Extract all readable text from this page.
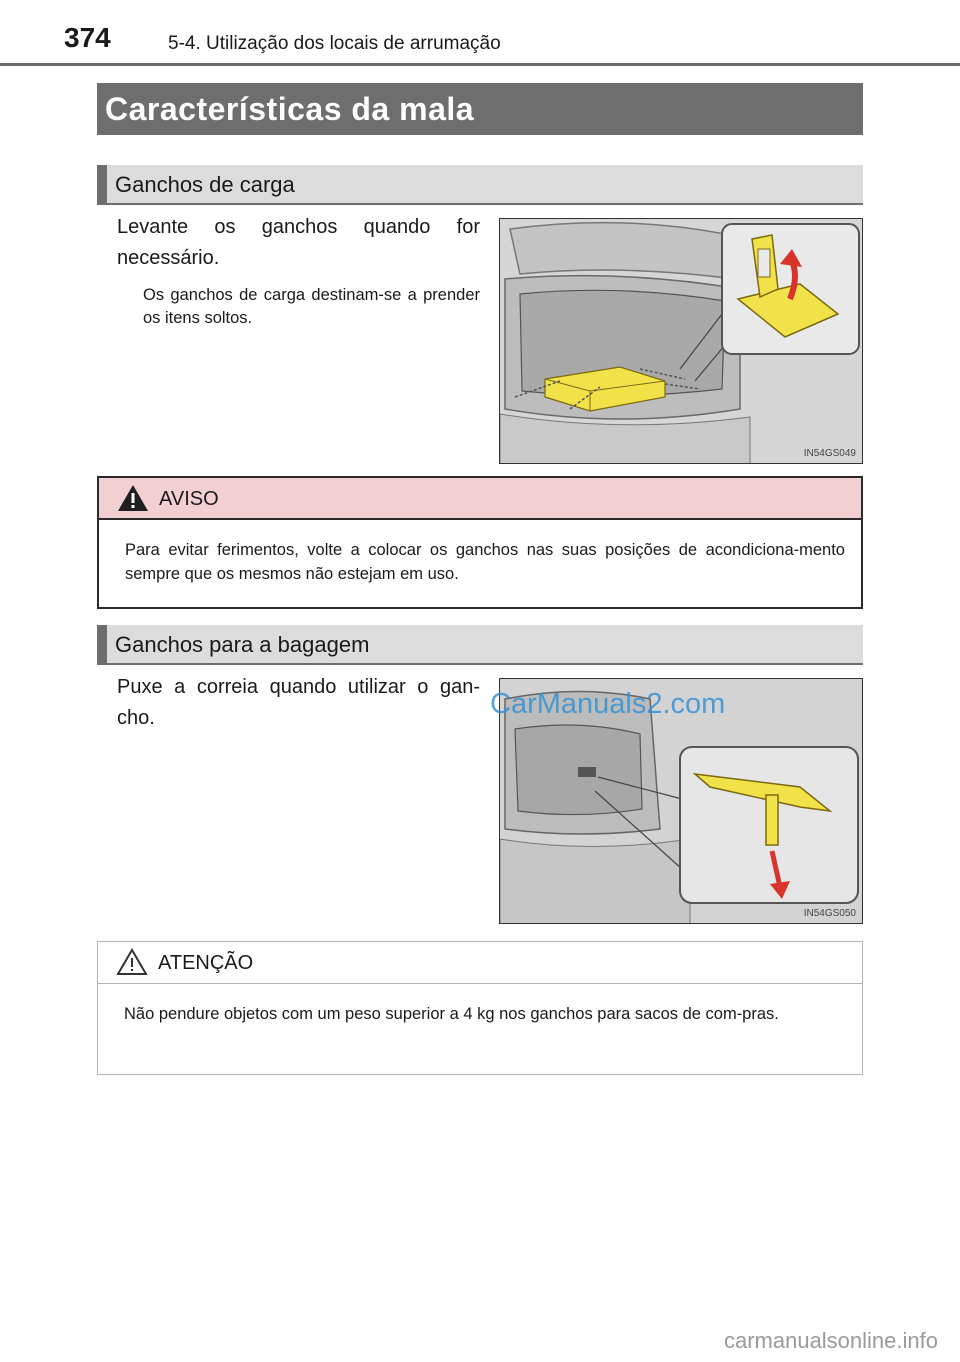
374	5-4. Utilização dos locais de arrumação
Características da mala
Ganchos de carga
Levante os ganchos quando for necessário.
Os ganchos de carga destinam-se a prender os itens soltos.
IN54GS049
AVISO
Para evitar ferimentos, volte a colocar os ganchos nas suas posições de acondiciona-mento sempre que os mesmos não estejam em uso.
Ganchos para a bagagem
Puxe a correia quando utilizar o gan-cho.
IN54GS050
CarManuals2.com
ATENÇÃO
Não pendure objetos com um peso superior a 4 kg nos ganchos para sacos de com-pras.
carmanualsonline.info
